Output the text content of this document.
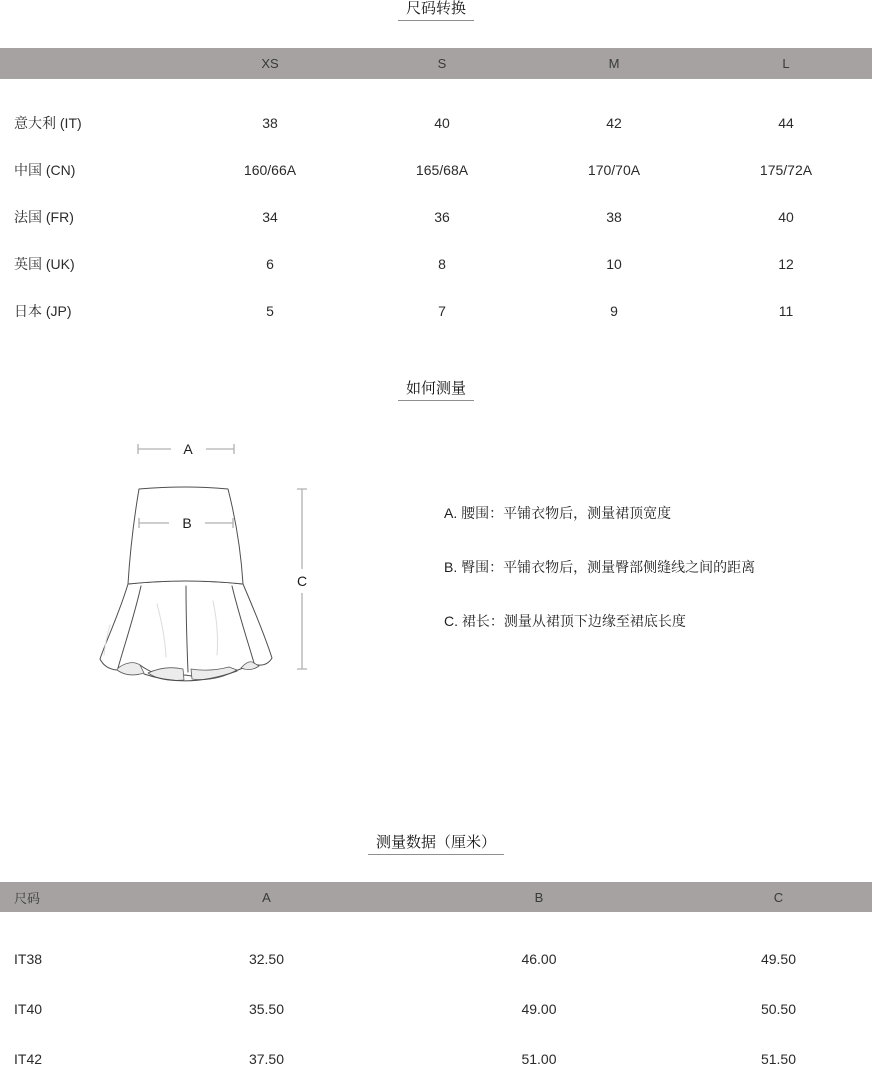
尺码转换
	XS	S	M	L

意大利 (IT)	38	40	42	44
中国 (CN)	160/66A	165/68A	170/70A	175/72A
法国 (FR)	34	36	38	40
英国 (UK)	6	8	10	12
日本 (JP)	5	7	9	11
如何测量
A
B
C
A. 腰围：平铺衣物后，测量裙顶宽度
B. 臀围：平铺衣物后，测量臀部侧缝线之间的距离
C. 裙长：测量从裙顶下边缘至裙底长度
测量数据（厘米）
尺码	A	B	C

IT38	32.50	46.00	49.50
IT40	35.50	49.00	50.50
IT42	37.50	51.00	51.50
